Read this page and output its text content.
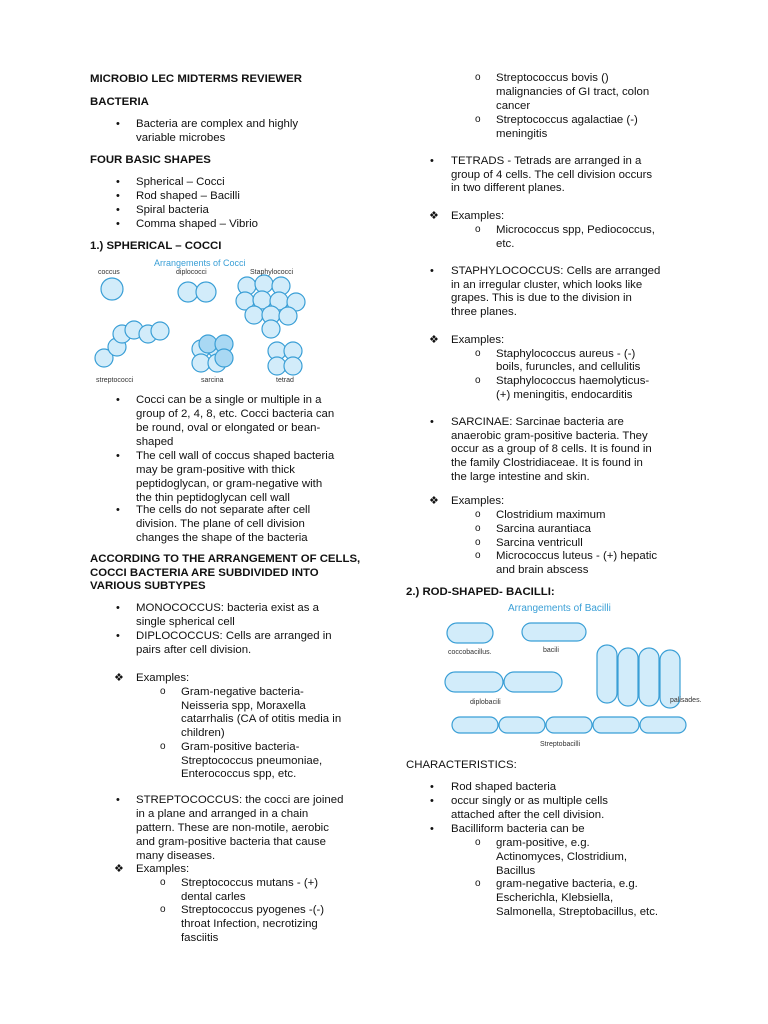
MICROBIO LEC MIDTERMS REVIEWER
BACTERIA
• Bacteria are complex and highly
variable microbes
FOUR BASIC SHAPES
• Spherical – Cocci
• Rod shaped – Bacilli
• Spiral bacteria
• Comma shaped – Vibrio
1.) SPHERICAL – COCCI
Arrangements of Cocci
coccus	diplococci	Staphylococci
streptococci	sarcina	tetrad
• Cocci can be a single or multiple in a
group of 2, 4, 8, etc. Cocci bacteria can
be round, oval or elongated or bean-
shaped
• The cell wall of coccus shaped bacteria
may be gram-positive with thick
peptidoglycan, or gram-negative with
the thin peptidoglycan cell wall
• The cells do not separate after cell
division. The plane of cell division
changes the shape of the bacteria
ACCORDING TO THE ARRANGEMENT OF CELLS,
COCCI BACTERIA ARE SUBDIVIDED INTO
VARIOUS SUBTYPES
• MONOCOCCUS: bacteria exist as a
single spherical cell
• DIPLOCOCCUS: Cells are arranged in
pairs after cell division.
❖ Examples:
o Gram-negative bacteria-
Neisseria spp, Moraxella
catarrhalis (CA of otitis media in
children)
o Gram-positive bacteria-
Streptococcus pneumoniae,
Enterococcus spp, etc.
• STREPTOCOCCUS: the cocci are joined
in a plane and arranged in a chain
pattern. These are non-motile, aerobic
and gram-positive bacteria that cause
many diseases.
❖ Examples:
o Streptococcus mutans - (+)
dental carles
o Streptococcus pyogenes -(-)
throat Infection, necrotizing
fasciitis
o Streptococcus bovis ()
malignancies of GI tract, colon
cancer
o Streptococcus agalactiae (-)
meningitis
• TETRADS - Tetrads are arranged in a
group of 4 cells. The cell division occurs
in two different planes.
❖ Examples:
o Micrococcus spp, Pediococcus,
etc.
• STAPHYLOCOCCUS: Cells are arranged
in an irregular cluster, which looks like
grapes. This is due to the division in
three planes.
❖ Examples:
o Staphylococcus aureus - (-)
boils, furuncles, and cellulitis
o Staphylococcus haemolyticus-
(+) meningitis, endocarditis
• SARCINAE: Sarcinae bacteria are
anaerobic gram-positive bacteria. They
occur as a group of 8 cells. It is found in
the family Clostridiaceae. It is found in
the large intestine and skin.
❖ Examples:
o Clostridium maximum
o Sarcina aurantiaca
o Sarcina ventricull
o Micrococcus luteus - (+) hepatic
and brain abscess
2.) ROD-SHAPED- BACILLI:
Arrangements of Bacilli
coccobacillus.	bacili
diplobacili	palisades.
Streptobacilli
CHARACTERISTICS:
• Rod shaped bacteria
• occur singly or as multiple cells
attached after the cell division.
• Bacilliform bacteria can be
o gram-positive, e.g.
Actinomyces, Clostridium,
Bacillus
o gram-negative bacteria, e.g.
Escherichla, Klebsiella,
Salmonella, Streptobacillus, etc.
